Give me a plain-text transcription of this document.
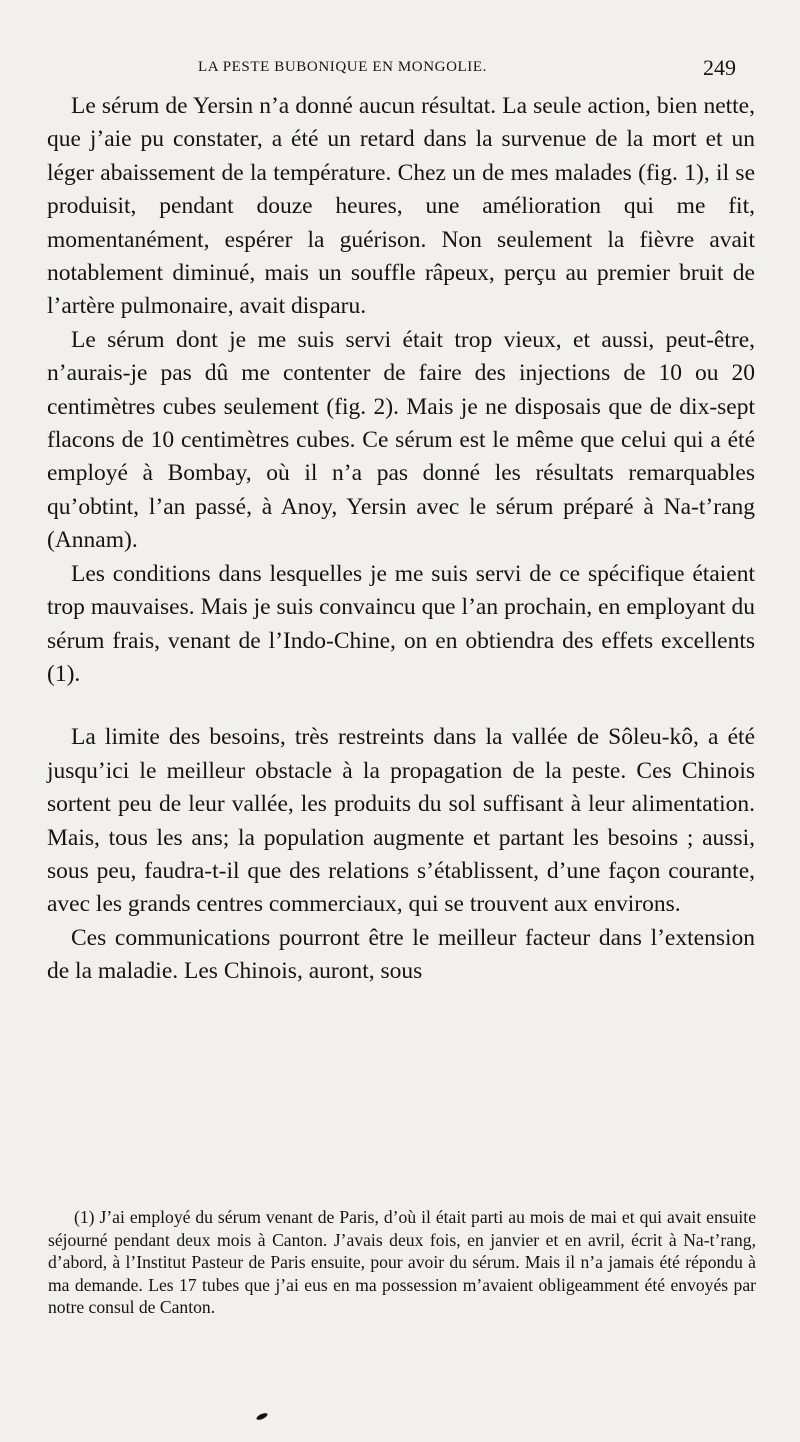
LA PESTE BUBONIQUE EN MONGOLIE.	249

Le sérum de Yersin n’a donné aucun résultat. La seule action, bien nette, que j’aie pu constater, a été un retard dans la survenue de la mort et un léger abaissement de la température. Chez un de mes malades (fig. 1), il se produisit, pendant douze heures, une amélioration qui me fit, momentanément, espérer la guérison. Non seulement la fièvre avait notablement diminué, mais un souffle râpeux, perçu au premier bruit de l’artère pulmonaire, avait disparu.

Le sérum dont je me suis servi était trop vieux, et aussi, peut-être, n’aurais-je pas dû me contenter de faire des injections de 10 ou 20 centimètres cubes seulement (fig. 2). Mais je ne disposais que de dix-sept flacons de 10 centimètres cubes. Ce sérum est le même que celui qui a été employé à Bombay, où il n’a pas donné les résultats remarquables qu’obtint, l’an passé, à Anoy, Yersin avec le sérum préparé à Na-t’rang (Annam).

Les conditions dans lesquelles je me suis servi de ce spécifique étaient trop mauvaises. Mais je suis convaincu que l’an prochain, en employant du sérum frais, venant de l’Indo-Chine, on en obtiendra des effets excellents (1).

La limite des besoins, très restreints dans la vallée de Sôleu-kô, a été jusqu’ici le meilleur obstacle à la propagation de la peste. Ces Chinois sortent peu de leur vallée, les produits du sol suffisant à leur alimentation. Mais, tous les ans; la population augmente et partant les besoins ; aussi, sous peu, faudra-t-il que des relations s’établissent, d’une façon courante, avec les grands centres commerciaux, qui se trouvent aux environs.

Ces communications pourront être le meilleur facteur dans l’extension de la maladie. Les Chinois, auront, sous

(1) J’ai employé du sérum venant de Paris, d’où il était parti au mois de mai et qui avait ensuite séjourné pendant deux mois à Canton. J’avais deux fois, en janvier et en avril, écrit à Na-t’rang, d’abord, à l’Institut Pasteur de Paris ensuite, pour avoir du sérum. Mais il n’a jamais été répondu à ma demande. Les 17 tubes que j’ai eus en ma possession m’avaient obligeamment été envoyés par notre consul de Canton.
